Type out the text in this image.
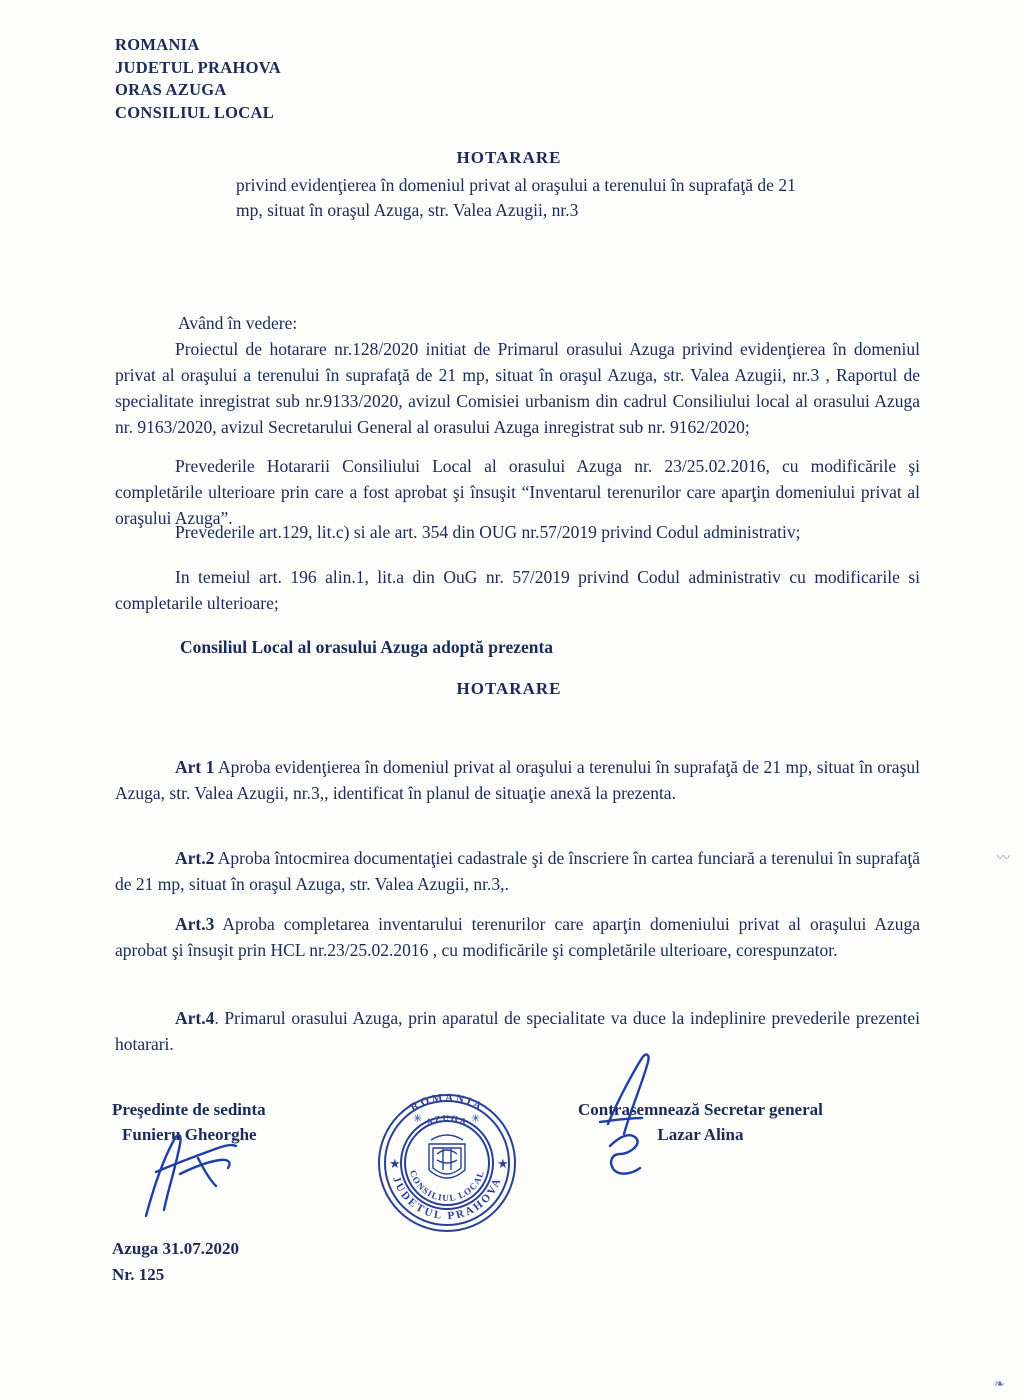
ROMANIA
JUDETUL PRAHOVA
ORAS AZUGA
CONSILIUL LOCAL
HOTARARE
privind evidenţierea în domeniul privat al oraşului a terenului în suprafaţă de 21
mp, situat în oraşul Azuga, str. Valea Azugii, nr.3
Având în vedere:
Proiectul de hotarare nr.128/2020 initiat de Primarul orasului Azuga privind evidenţierea în domeniul privat al oraşului a terenului în suprafaţă de 21 mp, situat în oraşul Azuga, str. Valea Azugii, nr.3 , Raportul de specialitate inregistrat sub nr.9133/2020, avizul Comisiei urbanism din cadrul Consiliului local al orasului Azuga nr. 9163/2020, avizul Secretarului General al orasului Azuga inregistrat sub nr. 9162/2020;
Prevederile Hotararii Consiliului Local al orasului Azuga nr. 23/25.02.2016, cu modificările şi completările ulterioare prin care a fost aprobat şi însuşit “Inventarul terenurilor care aparţin domeniului privat al oraşului Azuga”.
Prevederile art.129, lit.c) si ale art. 354 din OUG nr.57/2019 privind Codul administrativ;
In temeiul art. 196 alin.1, lit.a din OuG nr. 57/2019 privind Codul administrativ cu modificarile si completarile ulterioare;
Consiliul Local al orasului Azuga adoptă prezenta
HOTARARE
Art 1 Aproba evidenţierea în domeniul privat al oraşului a terenului în suprafaţă de 21 mp, situat în oraşul Azuga, str. Valea Azugii, nr.3,, identificat în planul de situaţie anexă la prezenta.
Art.2 Aproba întocmirea documentaţiei cadastrale şi de înscriere în cartea funciară a terenului în suprafaţă de 21 mp, situat în oraşul Azuga, str. Valea Azugii, nr.3,.
Art.3 Aproba completarea inventarului terenurilor care aparţin domeniului privat al oraşului Azuga aprobat şi însuşit prin HCL nr.23/25.02.2016 , cu modificările şi completările ulterioare, corespunzator.
Art.4. Primarul orasului Azuga, prin aparatul de specialitate va duce la indeplinire prevederile prezentei hotarari.
Preşedinte de sedinta
Funieru Gheorghe
Contrasemnează Secretar general
Lazar Alina
Azuga 31.07.2020
Nr. 125
ROMANIA
JUDETUL PRAHOVA
AZUGA
CONSILIUL LOCAL
★	★
✳	✳
〰
❧
